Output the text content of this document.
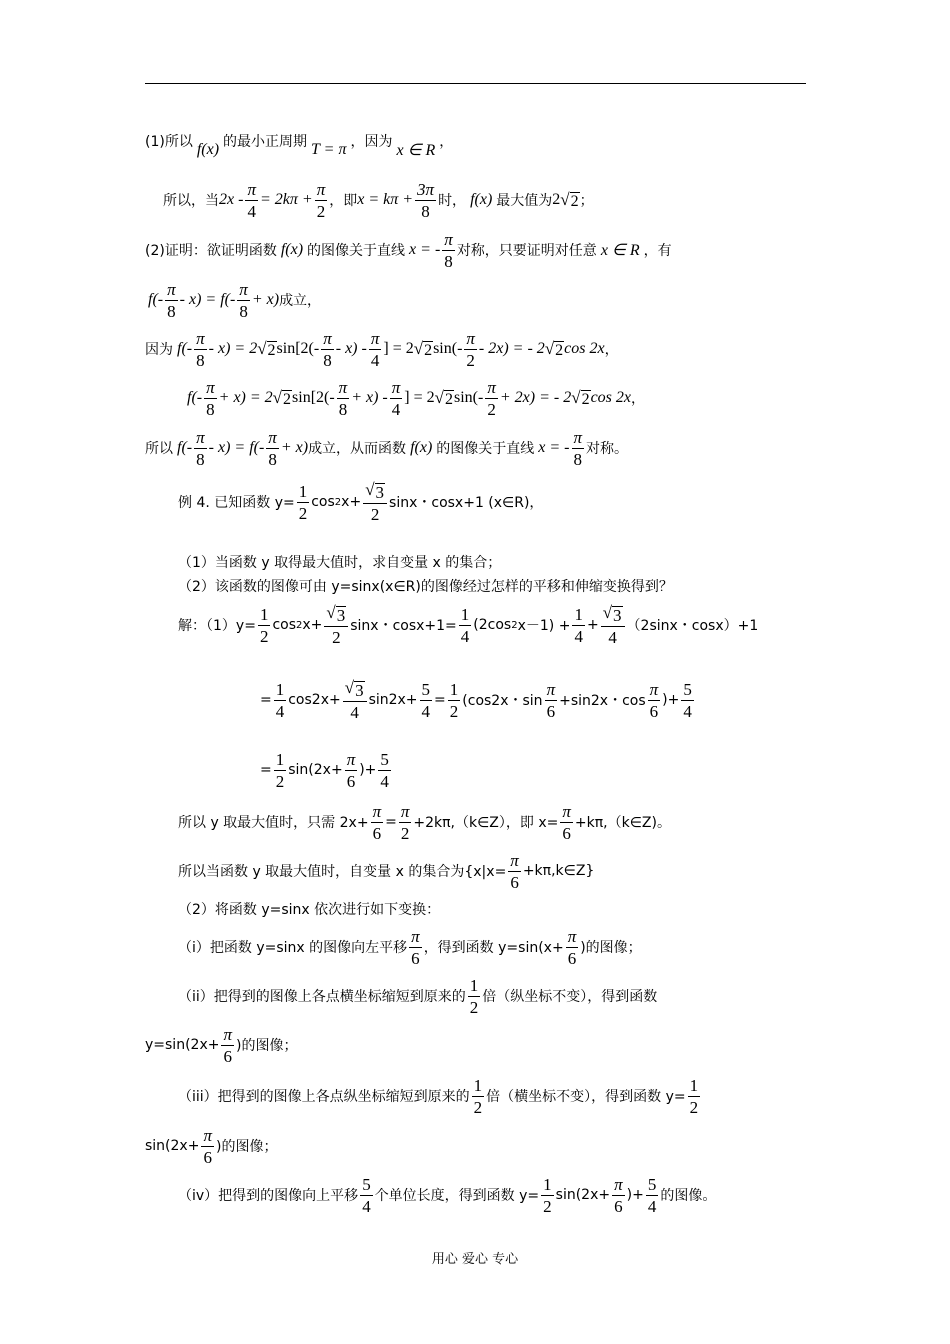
(1)所以 f(x) 的最小正周期 T = π ，因为 x ∈ R ，
所以，当 $2x - \frac{\pi}{4} = 2k\pi + \frac{\pi}{2}$ ，即 $x = k\pi + \frac{3\pi}{8}$ 时， f(x) 最大值为 2 √ 2 ；
(2)证明：欲证明函数 f(x) 的图像关于直线 x = - $\frac{\pi}{8}$ 对称，只要证明对任意 x ∈ R ，有
$f(- \frac{\pi}{8} - x) = f(- \frac{\pi}{8} + x)$ 成立，
因为 $f(- \frac{\pi}{8} - x) = 2$ √ 2 $\sin[2(- \frac{\pi}{8} - x) - \frac{\pi}{4}$ ] = 2 √ 2 $\sin(- \frac{\pi}{2} - 2x)$ = - 2 √ 2 cos 2x ，
$f(- \frac{\pi}{8} + x) = 2$ √ 2 $\sin[2(- \frac{\pi}{8} + x) - \frac{\pi}{4}$ ] = 2 √ 2 $\sin(- \frac{\pi}{2} + 2x)$ = - 2 √ 2 cos 2x ，
所以 $f(- \frac{\pi}{8} - x) = f(- \frac{\pi}{8} + x)$ 成立，从而函数 f(x) 的图像关于直线 x = - $\frac{\pi}{8}$ 对称。
例 4. 已知函数 $y= \frac{1}{2}$ cos 2 $x+ \frac{√ 3}{2}$ sinx・cosx+1 (x∈R)，
（1）当函数 y 取得最大值时，求自变量 x 的集合；
（2）该函数的图像可由 y=sinx(x∈R)的图像经过怎样的平移和伸缩变换得到？
解：$(1)y= \frac{1}{2}$ cos 2 $x+ \frac{√ 3}{2}$ sinx・$\cos x+1= \frac{1}{4} (2\cos$ 2 $x-1) + \frac{1}{4} + \frac{√ 3}{4} (2\sin x$・cosx）+1
= $\frac{1}{4} \cos 2x+ \frac{√ 3}{4} \sin 2x+ \frac{5}{4} = \frac{1}{2} (\cos 2x$・$\sin \frac{\pi}{6} +\sin 2x$・$\cos \frac{\pi}{6}$ )+ $\frac{5}{4}$
= $\frac{1}{2} \sin(2x+ \frac{\pi}{6}$ )+ $\frac{5}{4}$
所以 y 取最大值时，只需 $2x+ \frac{\pi}{6} = \frac{\pi}{2}$ +2kπ,（k∈Z），即 $x= \frac{\pi}{6}$ +kπ,（k∈Z)。
所以当函数 y 取最大值时，自变量 x 的集合为{$x|x= \frac{\pi}{6}$ +kπ,k∈Z}
（2）将函数 y=sinx 依次进行如下变换：
（i）把函数 y=sinx 的图像向左平移 $\frac{\pi}{6}$ ，得到函数 $y=\sin(x+ \frac{\pi}{6}$ )的图像；
（ii）把得到的图像上各点横坐标缩短到原来的 $\frac{1}{2}$ 倍（纵坐标不变），得到函数
$y=\sin(2x+ \frac{\pi}{6}$ )的图像；
（iii）把得到的图像上各点纵坐标缩短到原来的 $\frac{1}{2}$ 倍（横坐标不变），得到函数 $y= \frac{1}{2}$
$\sin(2x+ \frac{\pi}{6}$ )的图像；
（iv）把得到的图像向上平移 $\frac{5}{4}$ 个单位长度，得到函数 $y= \frac{1}{2} \sin(2x+ \frac{\pi}{6}$ )+ $\frac{5}{4}$ 的图像。
用心 爱心 专心
